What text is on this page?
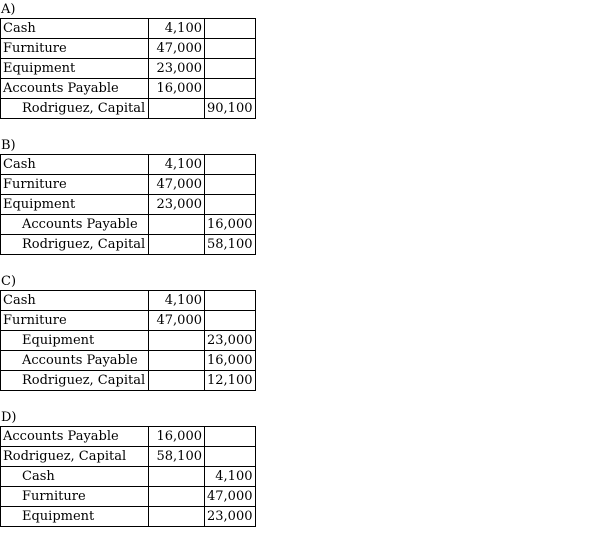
A)
Cash	4,100	
Furniture	47,000	
Equipment	23,000	
Accounts Payable	16,000	
Rodriguez, Capital		90,100
B)
Cash	4,100	
Furniture	47,000	
Equipment	23,000	
Accounts Payable		16,000
Rodriguez, Capital		58,100
C)
Cash	4,100	
Furniture	47,000	
Equipment		23,000
Accounts Payable		16,000
Rodriguez, Capital		12,100
D)
Accounts Payable	16,000	
Rodriguez, Capital	58,100	
Cash		4,100
Furniture		47,000
Equipment		23,000
